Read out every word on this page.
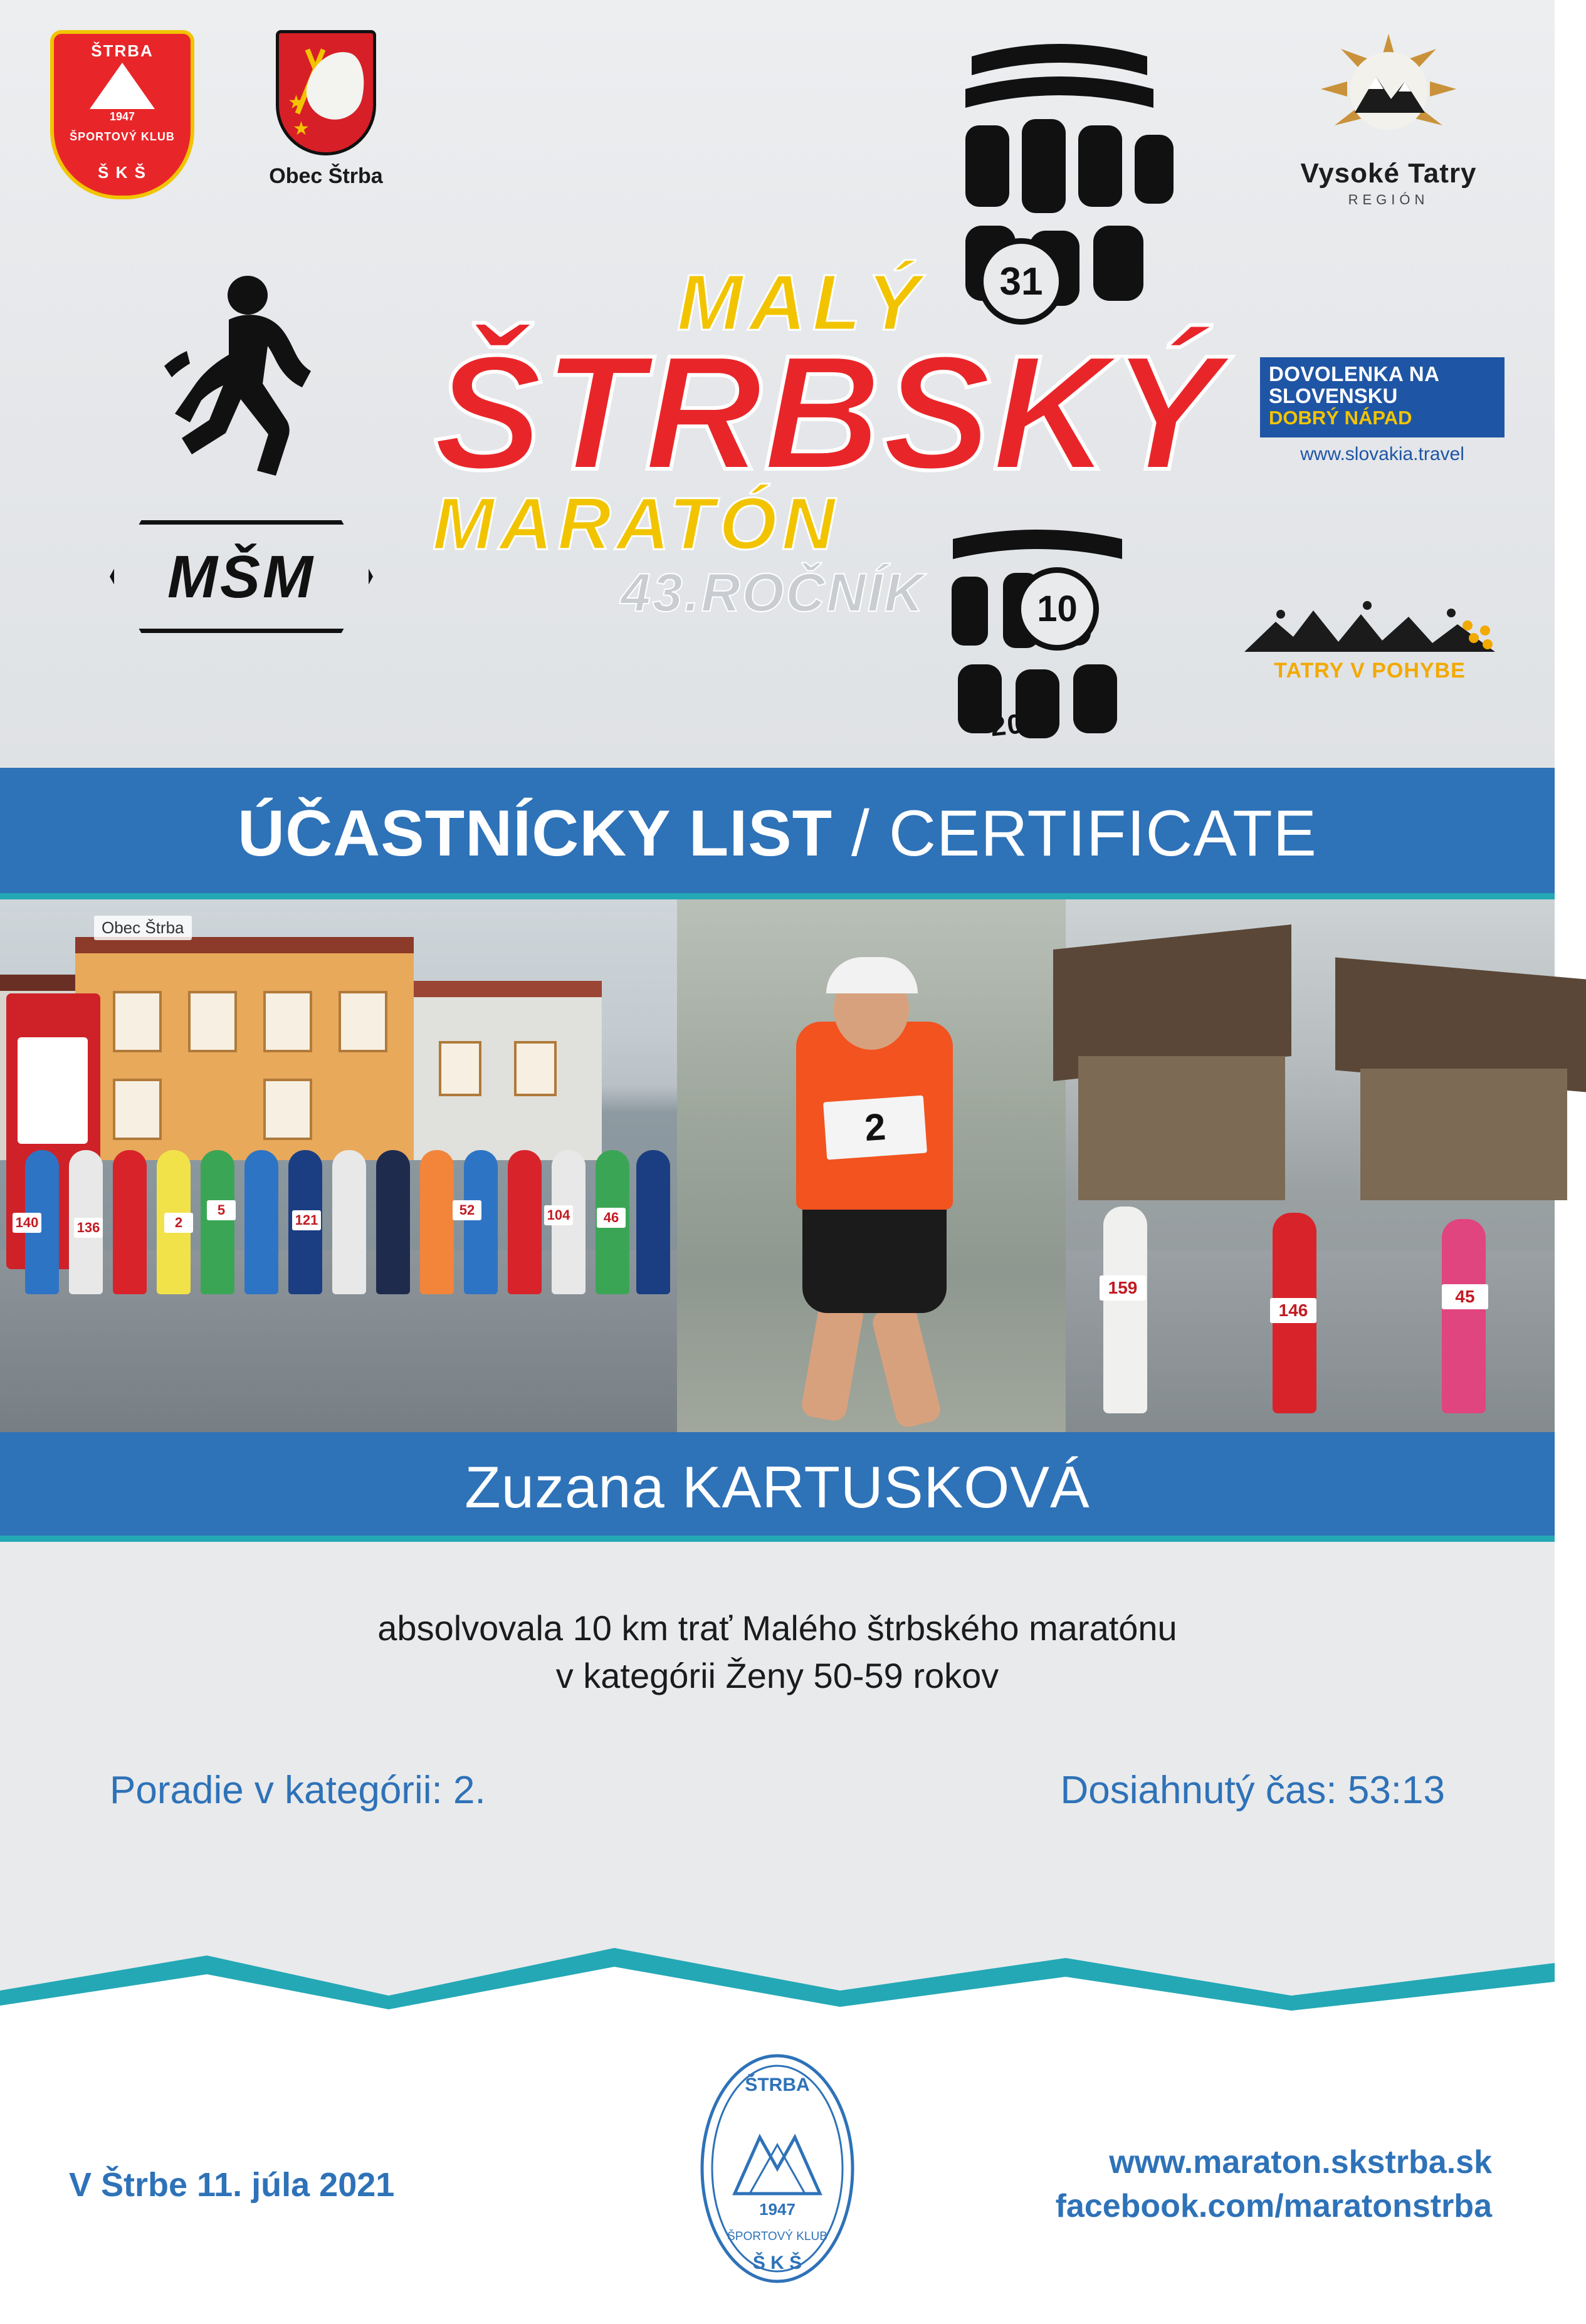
ŠTRBA
1947
ŠPORTOVÝ KLUB
Š K Š
★
★
Obec Štrba
MŠM
Vysoké Tatry
REGIÓN
DOVOLENKA NA
SLOVENSKU
DOBRÝ NÁPAD
www.slovakia.travel
TATRY V POHYBE
31
10
2021
MALÝ
ŠTRBSKÝ
MARATÓN
43.ROČNÍK
ÚČASTNÍCKY LIST / CERTIFICATE
Obec Štrba
140	136	2
5
121
52	104	46
2
159
146
45
Zuzana KARTUSKOVÁ
absolvovala 10 km trať Malého štrbského maratónu
v kategórii Ženy 50-59 rokov
Poradie v kategórii: 2.	Dosiahnutý čas: 53:13
ŠTRBA
1947
ŠPORTOVÝ KLUB
Š K Š
V Štrbe 11. júla 2021
www.maraton.skstrba.sk
facebook.com/maratonstrba
